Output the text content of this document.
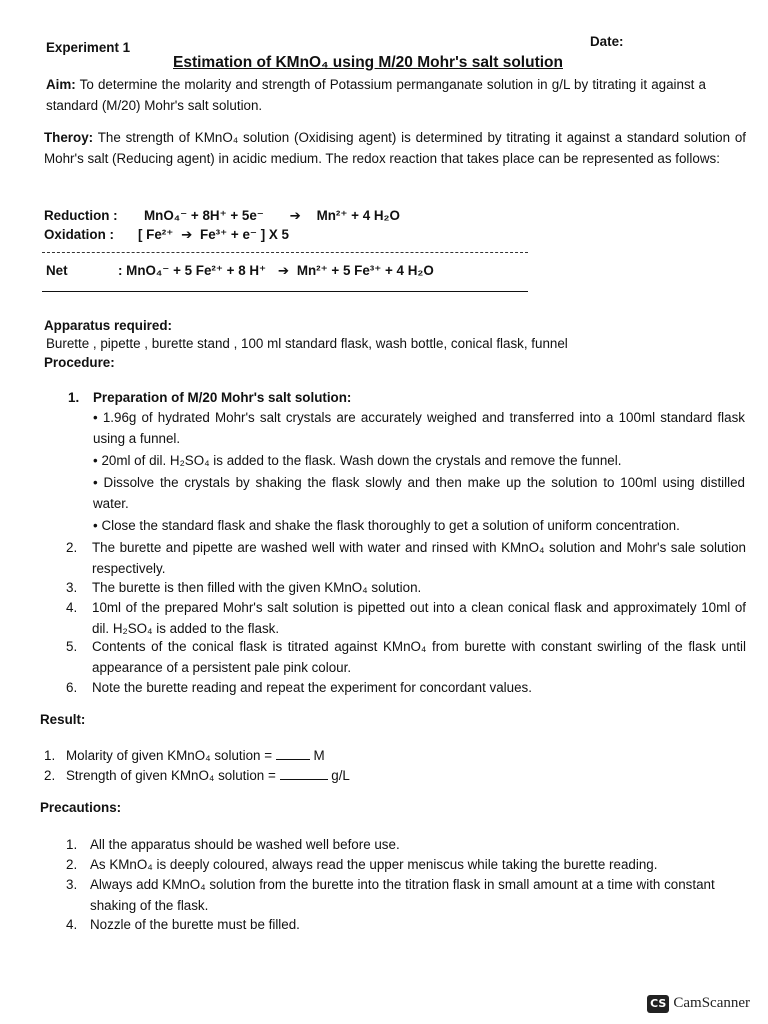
Experiment 1	Date:
Estimation of KMnO₄ using M/20 Mohr's salt solution
Aim: To determine the molarity and strength of Potassium permanganate solution in g/L by titrating it against a standard (M/20) Mohr's salt solution.
Theroy: The strength of KMnO₄ solution (Oxidising agent) is determined by titrating it against a standard solution of Mohr's salt (Reducing agent) in acidic medium. The redox reaction that takes place can be represented as follows:
Reduction : MnO₄⁻ + 8H⁺ + 5e⁻ ➔ Mn²⁺ + 4 H₂O
Oxidation : [ Fe²⁺ ➔ Fe³⁺ + e⁻ ] X 5
Net	: MnO₄⁻ + 5 Fe²⁺ + 8 H⁺ ➔ Mn²⁺ + 5 Fe³⁺ + 4 H₂O
Apparatus required:
Burette , pipette , burette stand , 100 ml standard flask, wash bottle, conical flask, funnel
Procedure:
1. Preparation of M/20 Mohr's salt solution:
• 1.96g of hydrated Mohr's salt crystals are accurately weighed and transferred into a 100ml standard flask using a funnel.
• 20ml of dil. H₂SO₄ is added to the flask. Wash down the crystals and remove the funnel.
• Dissolve the crystals by shaking the flask slowly and then make up the solution to 100ml using distilled water.
• Close the standard flask and shake the flask thoroughly to get a solution of uniform concentration.
2. The burette and pipette are washed well with water and rinsed with KMnO₄ solution and Mohr's sale solution respectively.
3. The burette is then filled with the given KMnO₄ solution.
4. 10ml of the prepared Mohr's salt solution is pipetted out into a clean conical flask and approximately 10ml of dil. H₂SO₄ is added to the flask.
5. Contents of the conical flask is titrated against KMnO₄ from burette with constant swirling of the flask until appearance of a persistent pale pink colour.
6. Note the burette reading and repeat the experiment for concordant values.
Result:
1. Molarity of given KMnO₄ solution =	M
2. Strength of given KMnO₄ solution =	g/L
Precautions:
1. All the apparatus should be washed well before use.
2. As KMnO₄ is deeply coloured, always read the upper meniscus while taking the burette reading.
3. Always add KMnO₄ solution from the burette into the titration flask in small amount at a time with constant shaking of the flask.
4. Nozzle of the burette must be filled.
CS CamScanner
